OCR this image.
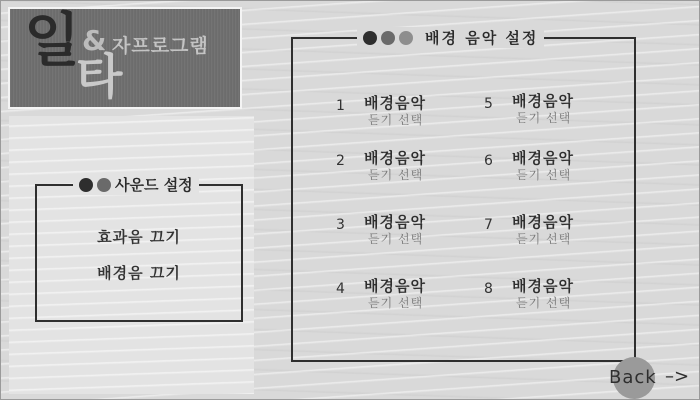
일 & 자프로그램
타
사운드 설정
효과음 끄기
배경음 끄기
배경 음악 설정
1 배경음악
듣기 선택
2 배경음악
듣기 선택
3 배경음악
듣기 선택
4 배경음악
듣기 선택
5 배경음악
듣기 선택
6 배경음악
듣기 선택
7 배경음악
듣기 선택
8 배경음악
듣기 선택
Back –>
